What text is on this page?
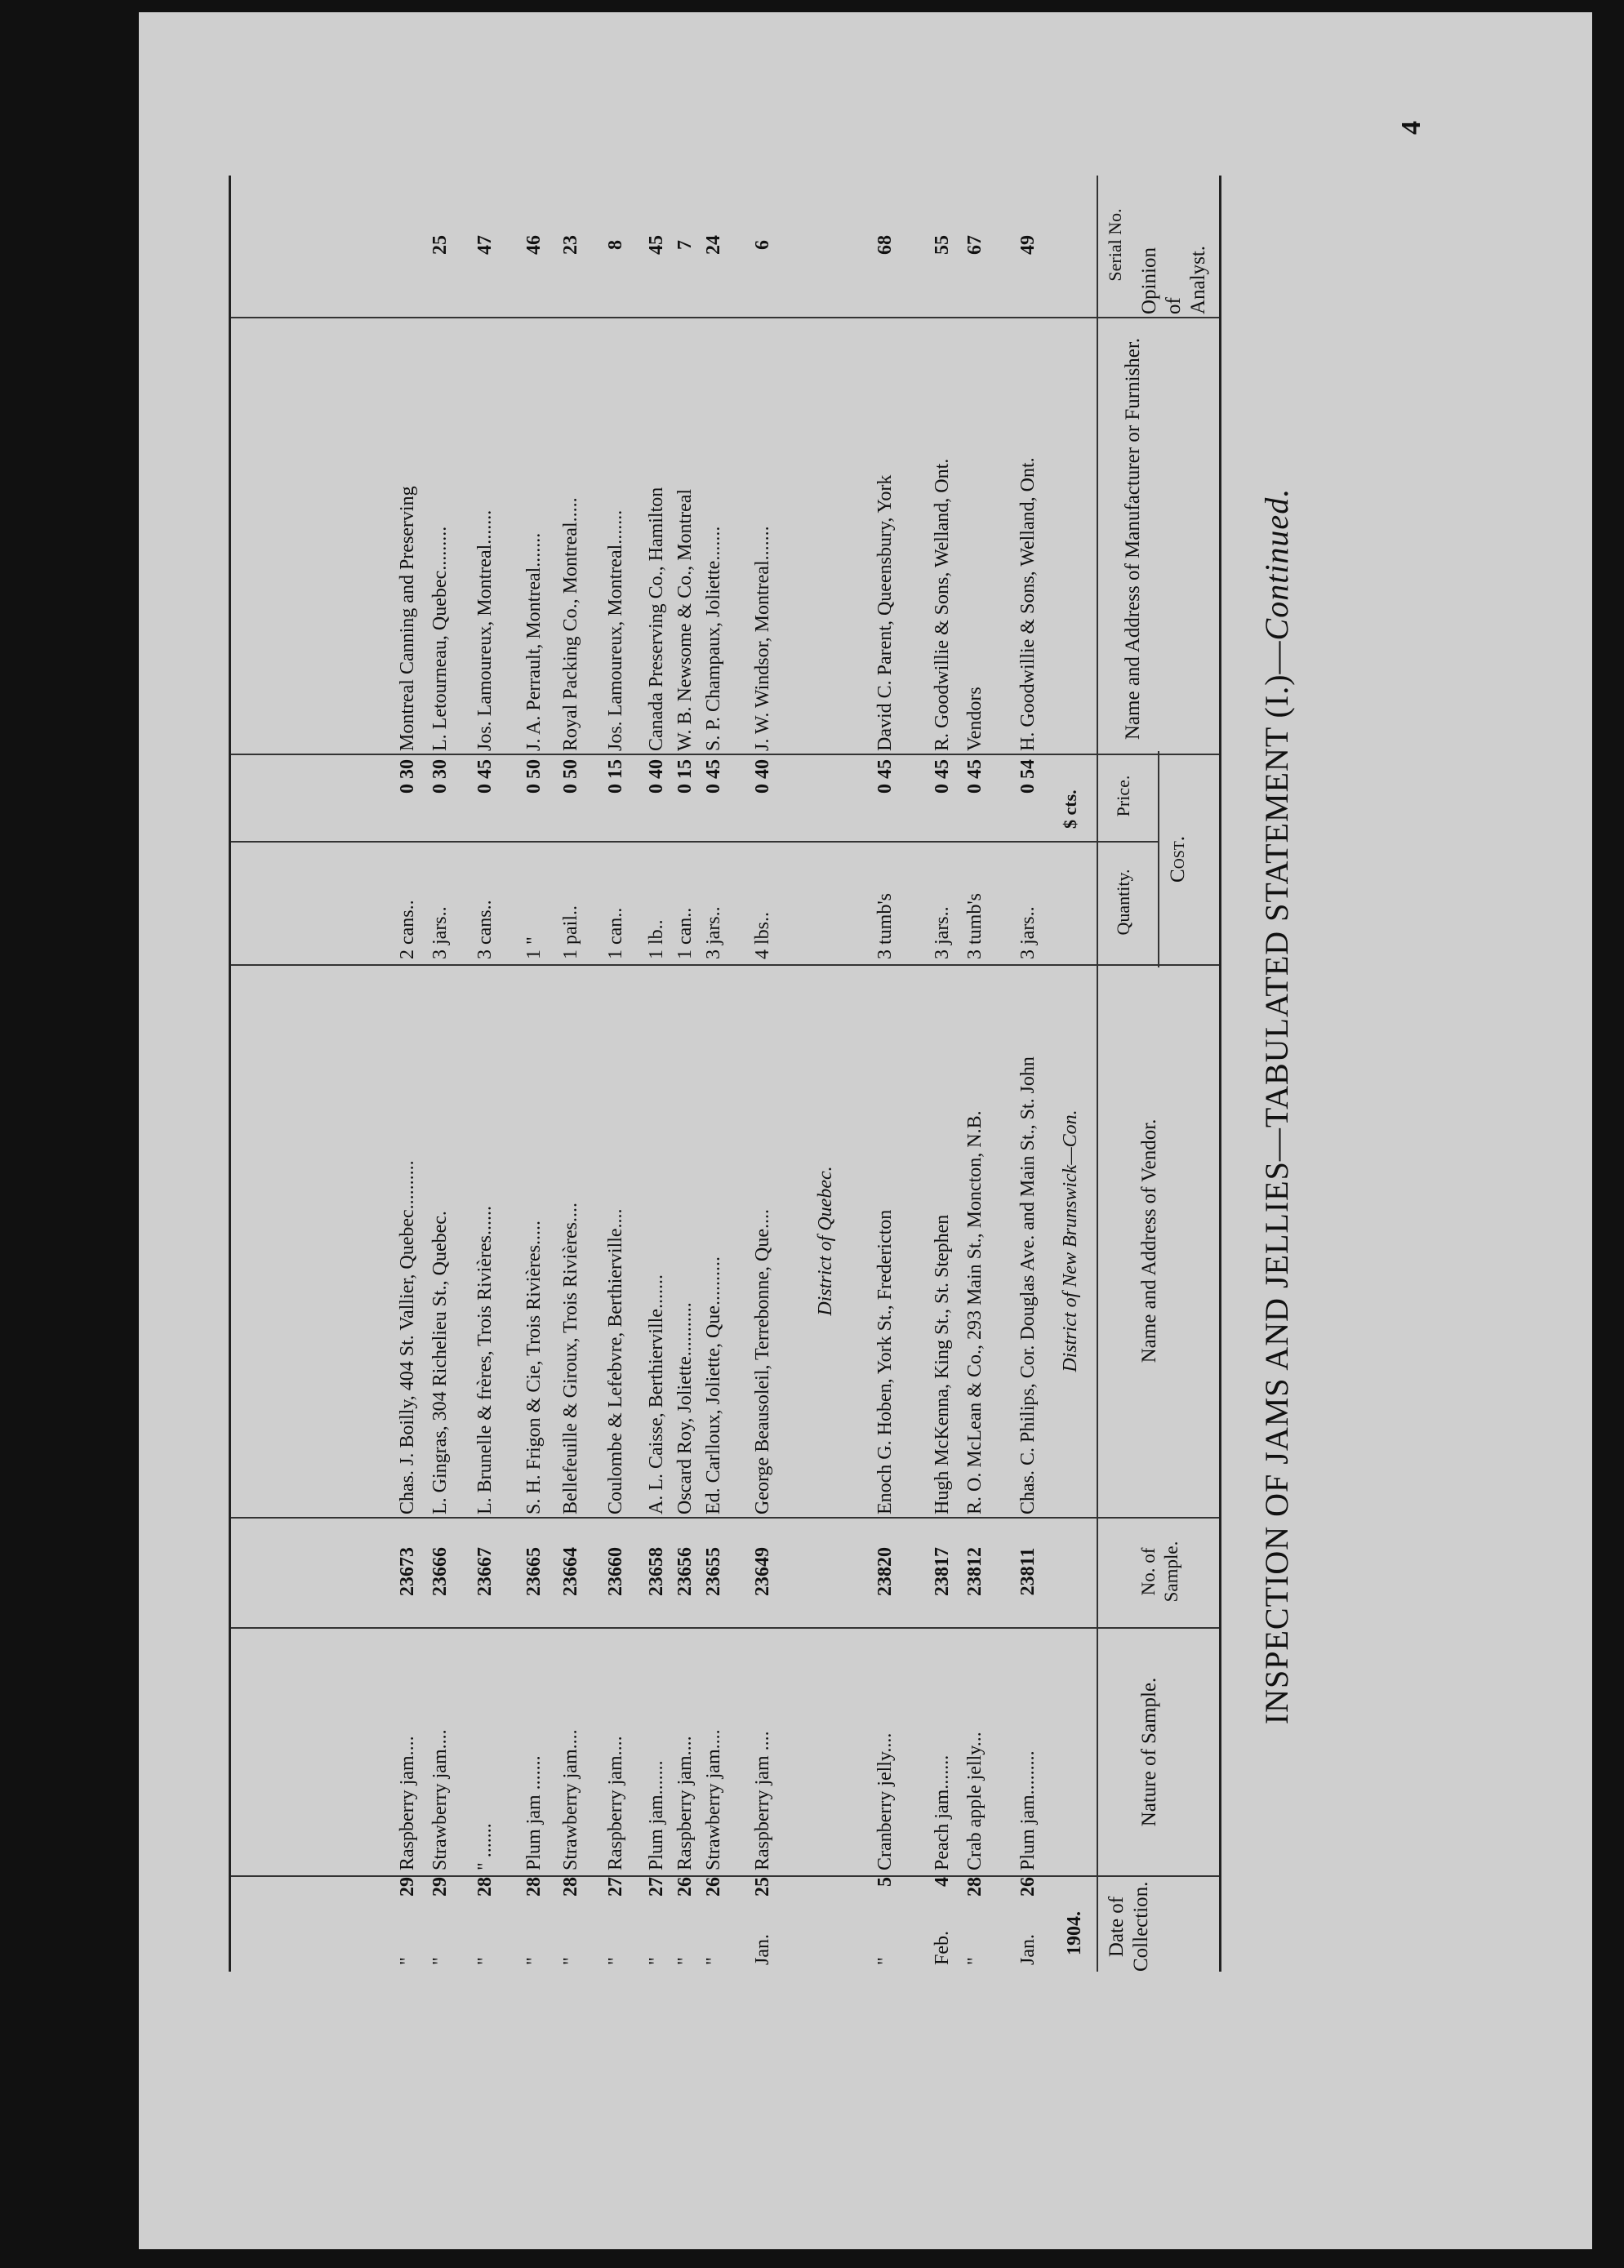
4
INSPECTION OF JAMS AND JELLIES—TABULATED STATEMENT (I.)—Continued.
Date of Collection.
Nature of Sample.
No. of Sample.
Name and Address of Vendor.
Cost.
Quantity.
Price.
Name and Address of Manufacturer or Furnisher.
Opinion of Analyst.
Serial No.
$ cts.
1904.
District of New Brunswick—Con.
District of Quebec.
Jan.
26
Plum jam.........
23811
Chas. C. Philips, Cor. Douglas Ave. and Main St., St. John
3 jars..
0 54
H. Goodwillie & Sons, Welland, Ont.
49
"
28
Crab apple jelly...
23812
R. O. McLean & Co., 293 Main St., Moncton, N.B.
3 tumb's
0 45
Vendors
67
Feb.
4
Peach jam.......
23817
Hugh McKenna, King St., St. Stephen
3 jars..
0 45
R. Goodwillie & Sons, Welland, Ont.
55
"
5
Cranberry jelly....
23820
Enoch G. Hoben, York St., Fredericton
3 tumb's
0 45
David C. Parent, Queensbury, York
68
Jan.
25
Raspberry jam ....
23649
George Beausoleil, Terrebonne, Que....
4 lbs..
0 40
J. W. Windsor, Montreal.......
6
"
26
Strawberry jam....
23655
Ed. Carlloux, Joliette, Que..........
3 jars..
0 45
S. P. Champaux, Joliette.......
24
"
26
Raspberry jam....
23656
Oscard Roy, Joliette...........
1 can..
0 15
W. B. Newsome & Co., Montreal
7
"
27
Plum jam.......
23658
A. L. Caisse, Berthierville.......
1 lb..
0 40
Canada Preserving Co., Hamilton
45
"
27
Raspberry jam....
23660
Coulombe & Lefebvre, Berthierville....
1 can..
0 15
Jos. Lamoureux, Montreal.......
8
"
28
Strawberry jam....
23664
Bellefeuille & Giroux, Trois Rivières....
1 pail..
0 50
Royal Packing Co., Montreal.....
23
"
28
Plum jam .......
23665
S. H. Frigon & Cie, Trois Rivières.....
1 "
0 50
J. A. Perrault, Montreal.......
46
"
28
" .......
23667
L. Brunelle & frères, Trois Rivières......
3 cans..
0 45
Jos. Lamoureux, Montreal.......
47
"
29
Strawberry jam....
23666
L. Gingras, 304 Richelieu St., Quebec.
3 jars..
0 30
L. Letourneau, Quebec.........
25
"
29
Raspberry jam....
23673
Chas. J. Boilly, 404 St. Vallier, Quebec..........
2 cans..
0 30
Montreal Canning and Preserving
